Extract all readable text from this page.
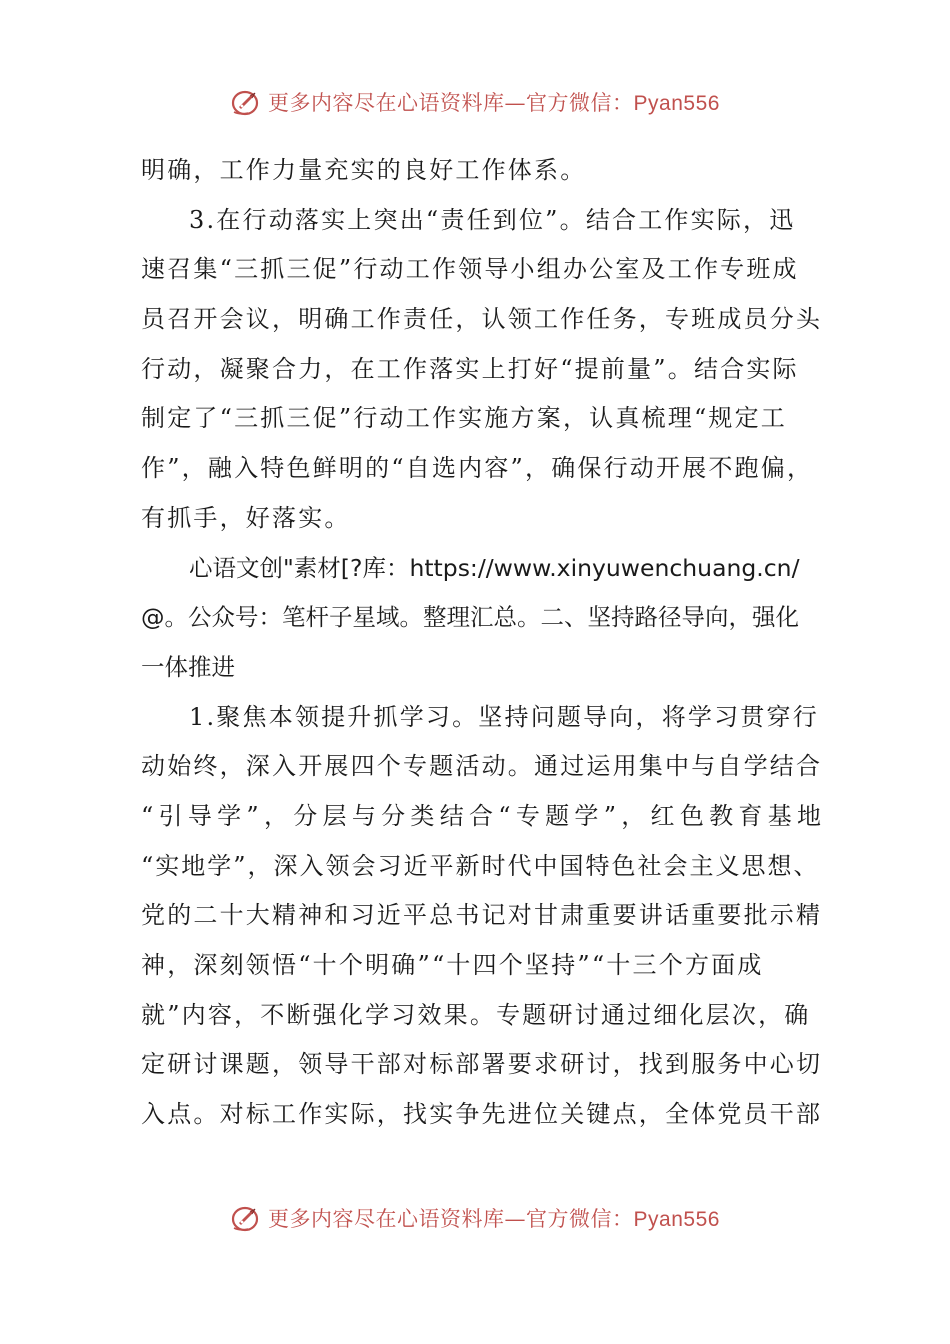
更多内容尽在心语资料库—官方微信：Pyan556
明确，工作力量充实的良好工作体系。
3.在行动落实上突出“责任到位”。结合工作实际，迅
速召集“三抓三促”行动工作领导小组办公室及工作专班成
员召开会议，明确工作责任，认领工作任务，专班成员分头
行动，凝聚合力，在工作落实上打好“提前量”。结合实际
制定了“三抓三促”行动工作实施方案，认真梳理“规定工
作”，融入特色鲜明的“自选内容”，确保行动开展不跑偏，
有抓手，好落实。
心语文创"素材[?库：https://www.xinyuwenchuang.cn/
@。公众号：笔杆子星域。整理汇总。二、坚持路径导向，强化
一体推进
1.聚焦本领提升抓学习。坚持问题导向，将学习贯穿行
动始终，深入开展四个专题活动。通过运用集中与自学结合
“引导学”，分层与分类结合“专题学”，红色教育基地
“实地学”，深入领会习近平新时代中国特色社会主义思想、
党的二十大精神和习近平总书记对甘肃重要讲话重要批示精
神，深刻领悟“十个明确”“十四个坚持”“十三个方面成
就”内容，不断强化学习效果。专题研讨通过细化层次，确
定研讨课题，领导干部对标部署要求研讨，找到服务中心切
入点。对标工作实际，找实争先进位关键点，全体党员干部
更多内容尽在心语资料库—官方微信：Pyan556
